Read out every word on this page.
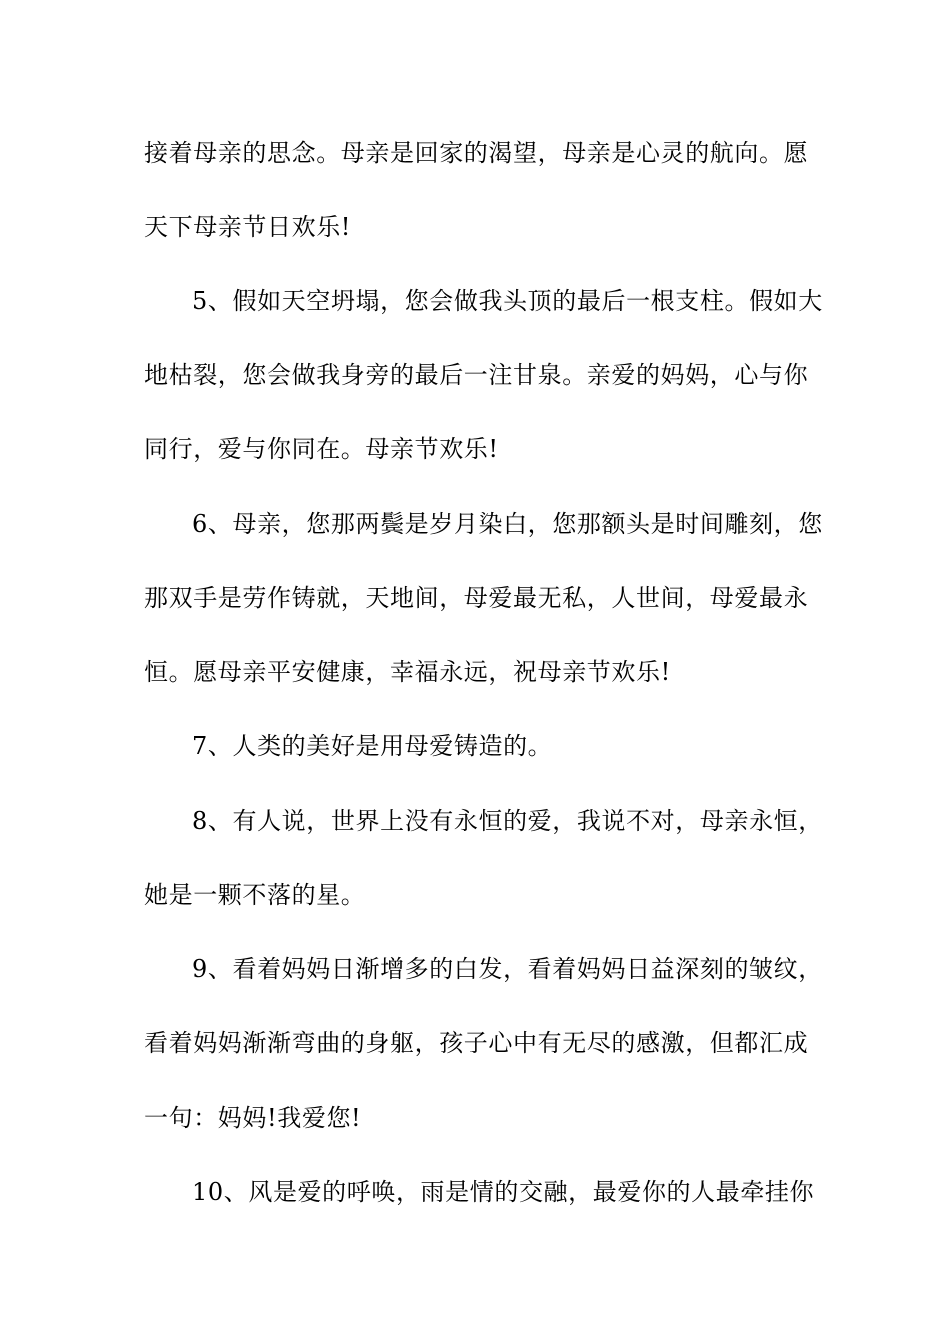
接着母亲的思念。母亲是回家的渴望，母亲是心灵的航向。愿
天下母亲节日欢乐!
5、假如天空坍塌，您会做我头顶的最后一根支柱。假如大
地枯裂，您会做我身旁的最后一注甘泉。亲爱的妈妈，心与你
同行，爱与你同在。母亲节欢乐!
6、母亲，您那两鬓是岁月染白，您那额头是时间雕刻，您
那双手是劳作铸就，天地间，母爱最无私，人世间，母爱最永
恒。愿母亲平安健康，幸福永远，祝母亲节欢乐!
7、人类的美好是用母爱铸造的。
8、有人说，世界上没有永恒的爱，我说不对，母亲永恒，
她是一颗不落的星。
9、看着妈妈日渐增多的白发，看着妈妈日益深刻的皱纹，
看着妈妈渐渐弯曲的身躯，孩子心中有无尽的感激，但都汇成
一句：妈妈!我爱您!
10、风是爱的呼唤，雨是情的交融，最爱你的人最牵挂你
